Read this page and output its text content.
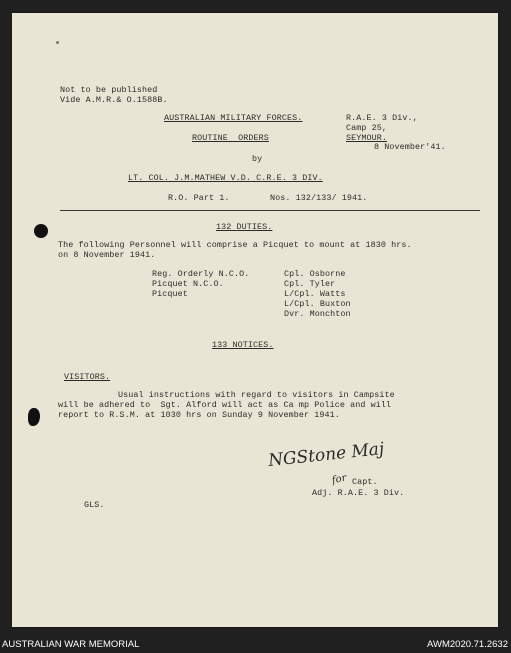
Not to be published
Vide A.M.R.& O.1588B.
AUSTRALIAN MILITARY FORCES.	R.A.E. 3 Div.,
Camp 25,
SEYMOUR.
8 November'41.
ROUTINE  ORDERS
by
LT. COL. J.M.MATHEW V.D. C.R.E. 3 DIV.
R.O. Part 1.	Nos. 132/133/ 1941.
132 DUTIES.
The following Personnel will comprise a Picquet to mount at 1830 hrs.
on 8 November 1941.
Reg. Orderly N.C.O.	Cpl. Osborne
Picquet N.C.O.	Cpl. Tyler
Picquet	L/Cpl. Watts
L/Cpl. Buxton
Dvr. Monchton
133 NOTICES.
VISITORS.
Usual instructions with regard to visitors in Campsite
will be adhered to  Sgt. Alford will act as Ca mp Police and will
report to R.S.M. at 1030 hrs on Sunday 9 November 1941.
NGStone Maj
for Capt.
Adj. R.A.E. 3 Div.
GLS.
AUSTRALIAN WAR MEMORIAL	AWM2020.71.2632
